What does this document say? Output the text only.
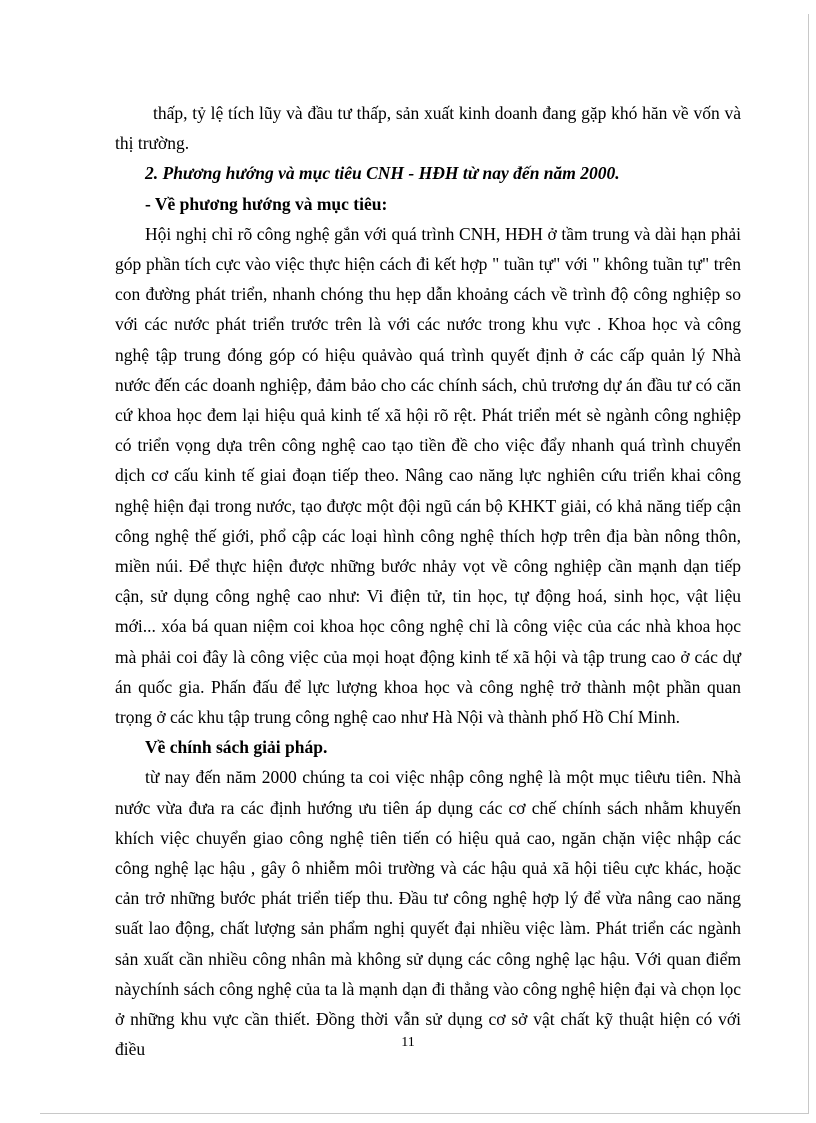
thấp, tỷ lệ tích lũy và đầu tư thấp, sản xuất kinh doanh đang gặp khó hăn về vốn và thị trường.

2. Phương hướng và mục tiêu CNH - HĐH từ nay đến năm 2000.

- Về phương hướng và mục tiêu:

Hội nghị chỉ rõ công nghệ gắn với quá trình CNH, HĐH ở tầm trung và dài hạn phải góp phần tích cực vào việc thực hiện cách đi kết hợp " tuần tự" với " không tuần tự" trên con đường phát triển, nhanh chóng thu hẹp dẫn khoảng cách về trình độ công nghiệp so với các nước phát triển trước trên là với các nước trong khu vực . Khoa học và công nghệ tập trung đóng góp có hiệu quảvào quá trình quyết định ở các cấp quản lý Nhà nước đến các doanh nghiệp, đảm bảo cho các chính sách, chủ trương dự án đầu tư có căn cứ khoa học đem lại hiệu quả kinh tế xã hội rõ rệt. Phát triển mét sè ngành công nghiệp có triển vọng dựa trên công nghệ cao tạo tiền đề cho việc đẩy nhanh quá trình chuyển dịch cơ cấu kinh tế giai đoạn tiếp theo. Nâng cao năng lực nghiên cứu triển khai công nghệ hiện đại trong nước, tạo được một đội ngũ cán bộ KHKT giải, có khả năng tiếp cận công nghệ thế giới, phổ cập các loại hình công nghệ thích hợp trên địa bàn nông thôn, miền núi. Để thực hiện được những bước nhảy vọt về công nghiệp cần mạnh dạn tiếp cận, sử dụng công nghệ cao như: Vi điện tử, tin học, tự động hoá, sinh học, vật liệu mới... xóa bá quan niệm coi khoa học công nghệ chỉ là công việc của các nhà khoa học mà phải coi đây là công việc của mọi hoạt động kinh tế xã hội và tập trung cao ở các dự án quốc gia. Phấn đấu để lực lượng khoa học và công nghệ trở thành một phần quan trọng ở các khu tập trung công nghệ cao như Hà Nội và thành phố Hồ Chí Minh.

Về chính sách giải pháp.

từ nay đến năm 2000 chúng ta coi việc nhập công nghệ là một mục tiêưu tiên. Nhà nước vừa đưa ra các định hướng ưu tiên áp dụng các cơ chế chính sách nhằm khuyến khích việc chuyển giao công nghệ tiên tiến có hiệu quả cao, ngăn chặn việc nhập các công nghệ lạc hậu , gây ô nhiễm môi trường và các hậu quả xã hội tiêu cực khác, hoặc cản trở những bước phát triển tiếp thu. Đầu tư công nghệ hợp lý để vừa nâng cao năng suất lao động, chất lượng sản phẩm nghị quyết đại nhiều việc làm. Phát triển các ngành sản xuất cần nhiều công nhân mà không sử dụng các công nghệ lạc hậu. Với quan điểm nàychính sách công nghệ của ta là mạnh dạn đi thẳng vào công nghệ hiện đại và chọn lọc ở những khu vực cần thiết. Đồng thời vẫn sử dụng cơ sở vật chất kỹ thuật hiện có với điều	11
